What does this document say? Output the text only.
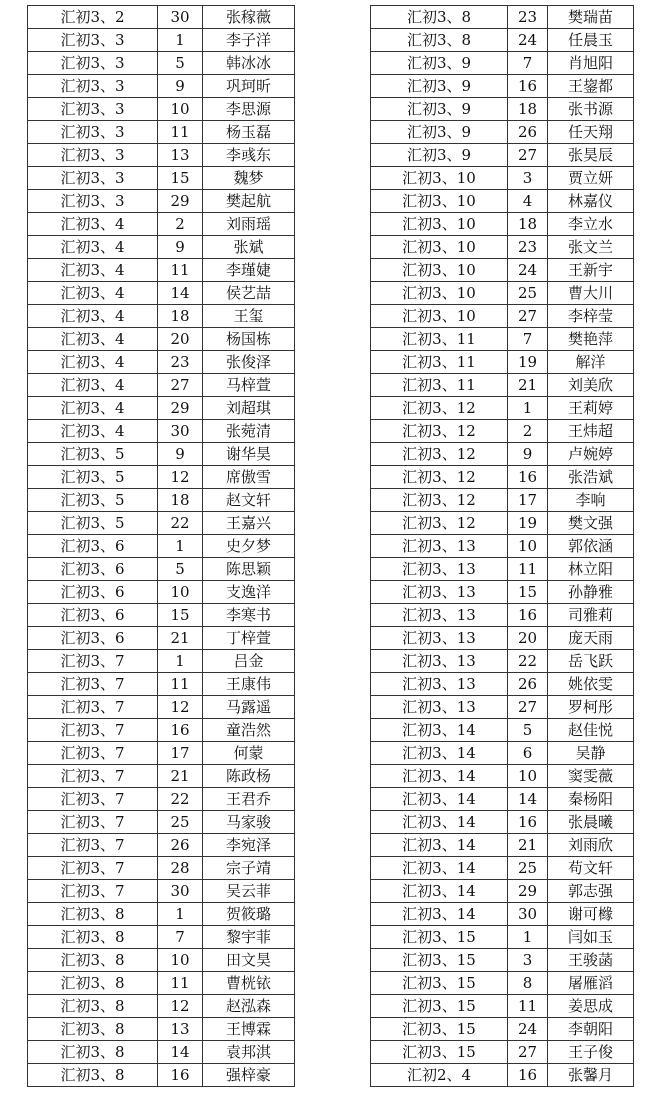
汇初3、2	30	张稼薇
汇初3、3	1	李子洋
汇初3、3	5	韩冰冰
汇初3、3	9	巩珂昕
汇初3、3	10	李思源
汇初3、3	11	杨玉磊
汇初3、3	13	李彧东
汇初3、3	15	魏梦
汇初3、3	29	樊起航
汇初3、4	2	刘雨瑶
汇初3、4	9	张斌
汇初3、4	11	李瑾婕
汇初3、4	14	侯艺喆
汇初3、4	18	王玺
汇初3、4	20	杨国栋
汇初3、4	23	张俊泽
汇初3、4	27	马梓萱
汇初3、4	29	刘超琪
汇初3、4	30	张菀清
汇初3、5	9	谢华昊
汇初3、5	12	席傲雪
汇初3、5	18	赵文轩
汇初3、5	22	王嘉兴
汇初3、6	1	史夕梦
汇初3、6	5	陈思颖
汇初3、6	10	支逸洋
汇初3、6	15	李寒书
汇初3、6	21	丁梓萱
汇初3、7	1	吕金
汇初3、7	11	王康伟
汇初3、7	12	马露遥
汇初3、7	16	童浩然
汇初3、7	17	何蒙
汇初3、7	21	陈政杨
汇初3、7	22	王君乔
汇初3、7	25	马家骏
汇初3、7	26	李宛泽
汇初3、7	28	宗子靖
汇初3、7	30	吴云菲
汇初3、8	1	贺筱璐
汇初3、8	7	黎宇菲
汇初3、8	10	田文昊
汇初3、8	11	曹桄铱
汇初3、8	12	赵泓森
汇初3、8	13	王博霖
汇初3、8	14	袁邦淇
汇初3、8	16	强梓豪
汇初3、8	23	樊瑞苗
汇初3、8	24	任晨玉
汇初3、9	7	肖旭阳
汇初3、9	16	王鋆都
汇初3、9	18	张书源
汇初3、9	26	任天翔
汇初3、9	27	张昊辰
汇初3、10	3	贾立妍
汇初3、10	4	林嘉仪
汇初3、10	18	李立水
汇初3、10	23	张文兰
汇初3、10	24	王新宇
汇初3、10	25	曹大川
汇初3、10	27	李梓莹
汇初3、11	7	樊艳萍
汇初3、11	19	解洋
汇初3、11	21	刘美欣
汇初3、12	1	王莉婷
汇初3、12	2	王炜超
汇初3、12	9	卢婉婷
汇初3、12	16	张浩斌
汇初3、12	17	李响
汇初3、12	19	樊文强
汇初3、13	10	郭依涵
汇初3、13	11	林立阳
汇初3、13	15	孙静雅
汇初3、13	16	司雅莉
汇初3、13	20	庞天雨
汇初3、13	22	岳飞跃
汇初3、13	26	姚依雯
汇初3、13	27	罗柯彤
汇初3、14	5	赵佳悦
汇初3、14	6	吴静
汇初3、14	10	窦雯薇
汇初3、14	14	秦杨阳
汇初3、14	16	张晨曦
汇初3、14	21	刘雨欣
汇初3、14	25	苟文轩
汇初3、14	29	郭志强
汇初3、14	30	谢可橼
汇初3、15	1	闫如玉
汇初3、15	3	王骏菡
汇初3、15	8	屠雁滔
汇初3、15	11	姜思成
汇初3、15	24	李朝阳
汇初3、15	27	王子俊
汇初2、4	16	张馨月
